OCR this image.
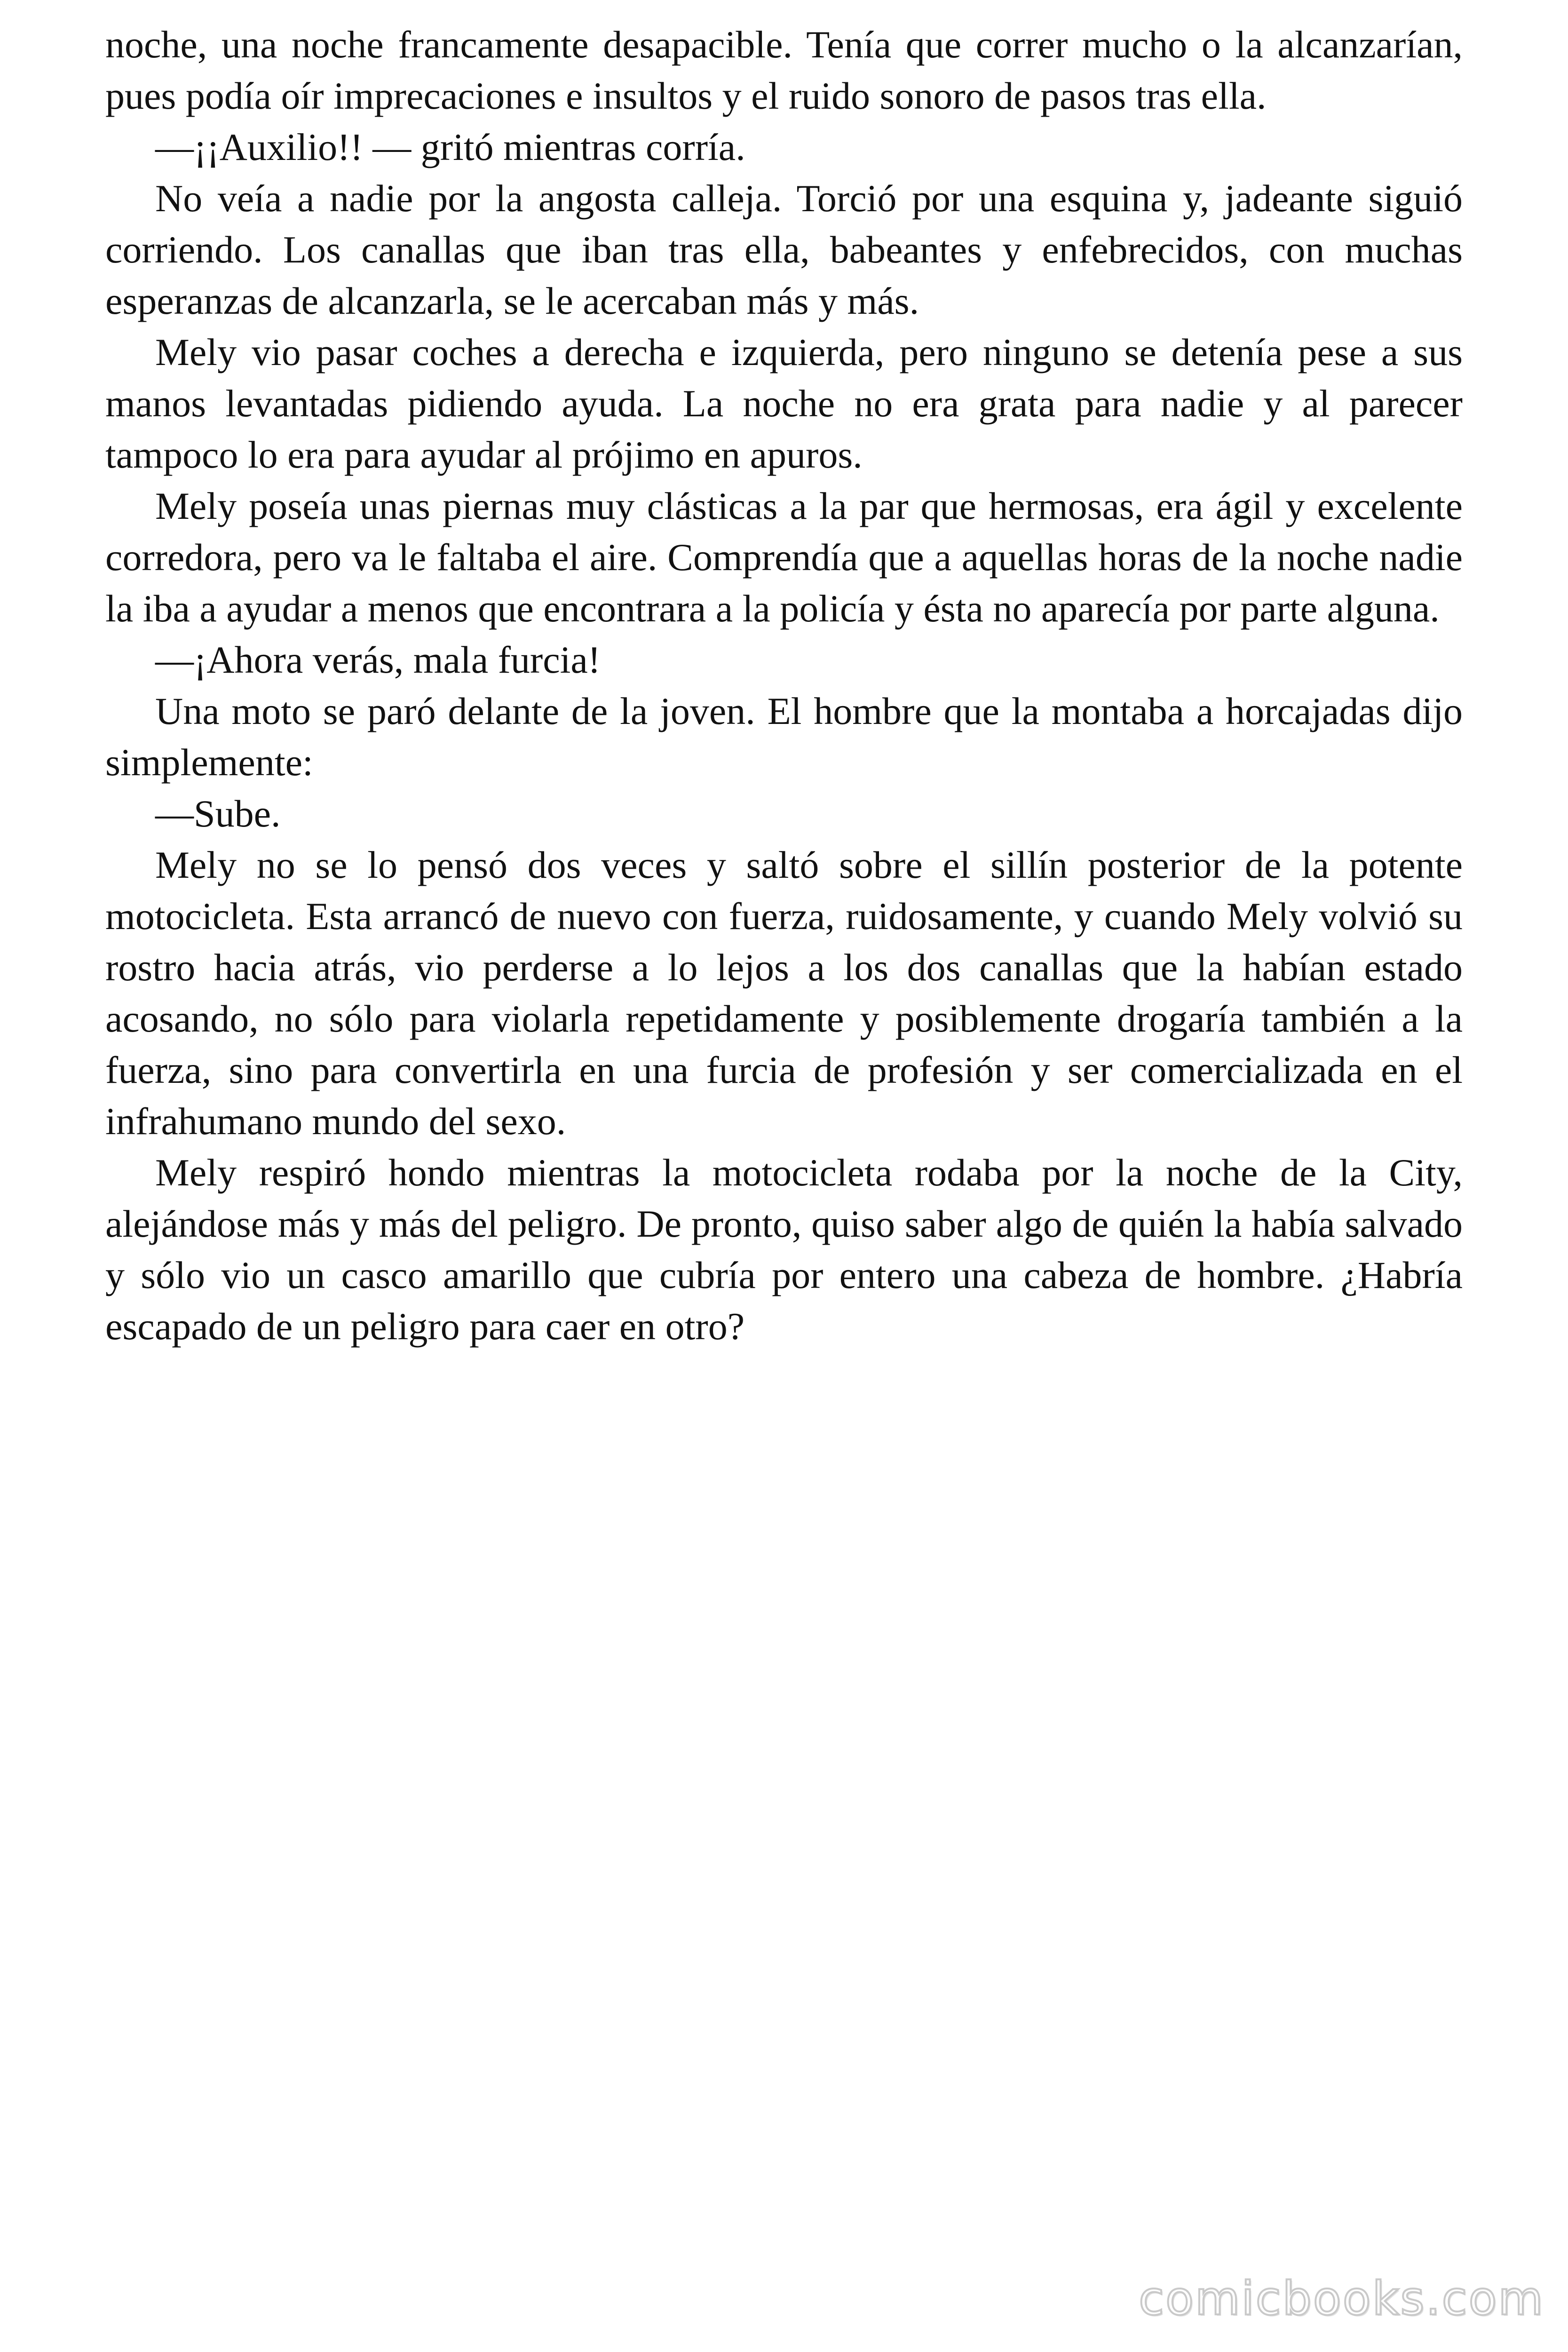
noche, una noche francamente desapacible. Tenía que correr mucho o la alcanzarían, pues podía oír imprecaciones e insultos y el ruido sonoro de pasos tras ella.

—¡¡Auxilio!! — gritó mientras corría.

No veía a nadie por la angosta calleja. Torció por una esquina y, jadeante siguió corriendo. Los canallas que iban tras ella, babeantes y enfebrecidos, con muchas esperanzas de alcanzarla, se le acercaban más y más.

Mely vio pasar coches a derecha e izquierda, pero ninguno se detenía pese a sus manos levantadas pidiendo ayuda. La noche no era grata para nadie y al parecer tampoco lo era para ayudar al prójimo en apuros.

Mely poseía unas piernas muy clásticas a la par que hermosas, era ágil y excelente corredora, pero va le faltaba el aire. Comprendía que a aquellas horas de la noche nadie la iba a ayudar a menos que encontrara a la policía y ésta no aparecía por parte alguna.

—¡Ahora verás, mala furcia!

Una moto se paró delante de la joven. El hombre que la montaba a horcajadas dijo simplemente:

—Sube.

Mely no se lo pensó dos veces y saltó sobre el sillín posterior de la potente motocicleta. Esta arrancó de nuevo con fuerza, ruidosamente, y cuando Mely volvió su rostro hacia atrás, vio perderse a lo lejos a los dos canallas que la habían estado acosando, no sólo para violarla repetidamente y posiblemente drogaría también a la fuerza, sino para convertirla en una furcia de profesión y ser comercializada en el infrahumano mundo del sexo.

Mely respiró hondo mientras la motocicleta rodaba por la noche de la City, alejándose más y más del peligro. De pronto, quiso saber algo de quién la había salvado y sólo vio un casco amarillo que cubría por entero una cabeza de hombre. ¿Habría escapado de un peligro para caer en otro?

comicbooks.com
